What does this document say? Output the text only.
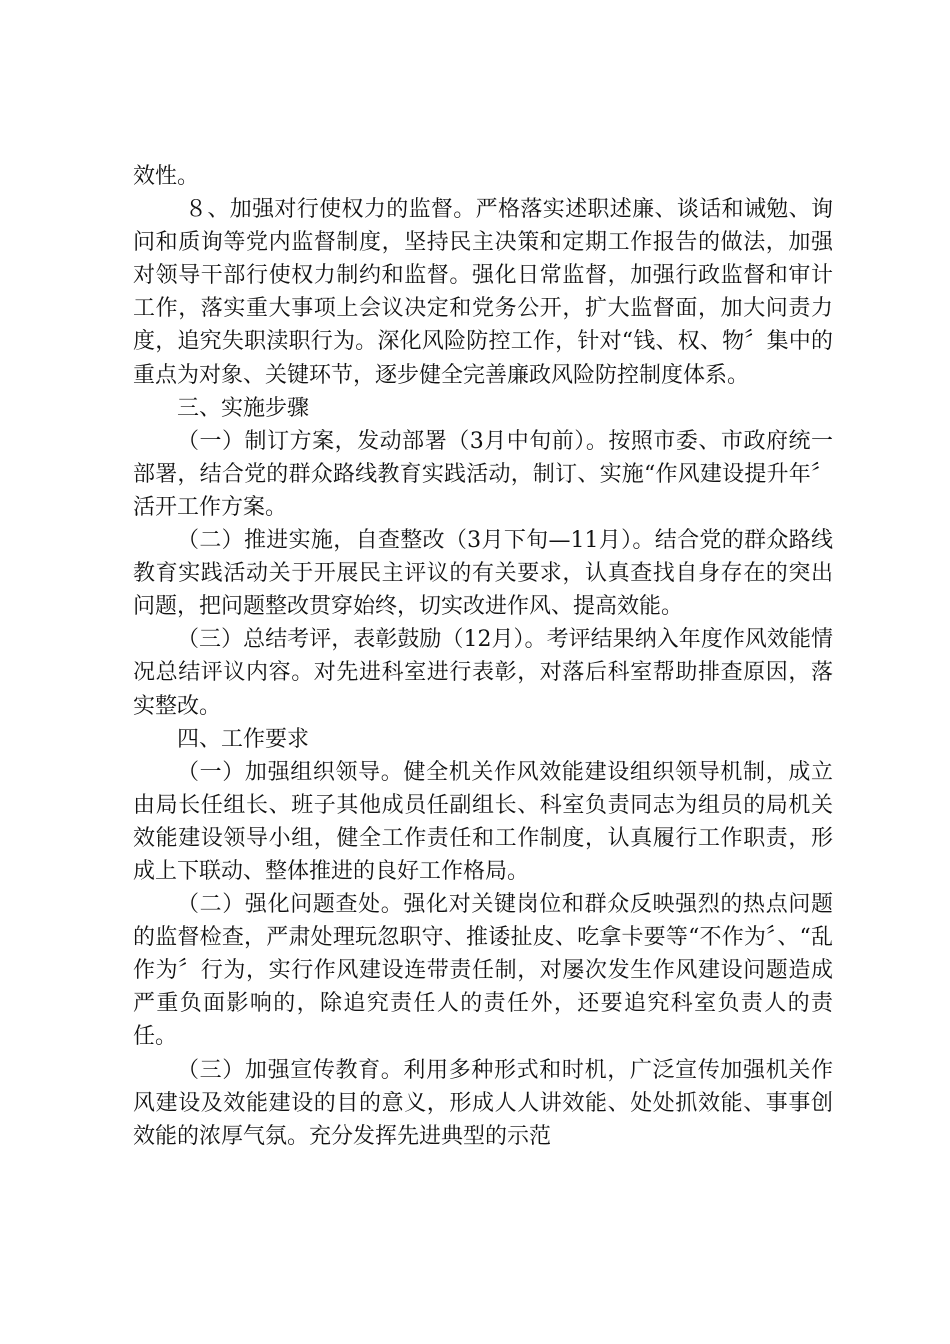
效性。

８、加强对行使权力的监督。严格落实述职述廉、谈话和诫勉、询问和质询等党内监督制度，坚持民主决策和定期工作报告的做法，加强对领导干部行使权力制约和监督。强化日常监督，加强行政监督和审计工作，落实重大事项上会议决定和党务公开，扩大监督面，加大问责力度，追究失职渎职行为。深化风险防控工作，针对“钱、权、物〞集中的重点为对象、关键环节，逐步健全完善廉政风险防控制度体系。

三、实施步骤

（一）制订方案，发动部署（3月中旬前）。按照市委、市政府统一部署，结合党的群众路线教育实践活动，制订、实施“作风建设提升年〞活开工作方案。

（二）推进实施，自查整改（3月下旬—11月）。结合党的群众路线教育实践活动关于开展民主评议的有关要求，认真查找自身存在的突出问题，把问题整改贯穿始终，切实改进作风、提高效能。

（三）总结考评，表彰鼓励（12月）。考评结果纳入年度作风效能情况总结评议内容。对先进科室进行表彰，对落后科室帮助排查原因，落实整改。

四、工作要求

（一）加强组织领导。健全机关作风效能建设组织领导机制，成立由局长任组长、班子其他成员任副组长、科室负责同志为组员的局机关效能建设领导小组，健全工作责任和工作制度，认真履行工作职责，形成上下联动、整体推进的良好工作格局。

（二）强化问题查处。强化对关键岗位和群众反映强烈的热点问题的监督检查，严肃处理玩忽职守、推诿扯皮、吃拿卡要等“不作为〞、“乱作为〞行为，实行作风建设连带责任制，对屡次发生作风建设问题造成严重负面影响的，除追究责任人的责任外，还要追究科室负责人的责任。

（三）加强宣传教育。利用多种形式和时机，广泛宣传加强机关作风建设及效能建设的目的意义，形成人人讲效能、处处抓效能、事事创效能的浓厚气氛。充分发挥先进典型的示范
